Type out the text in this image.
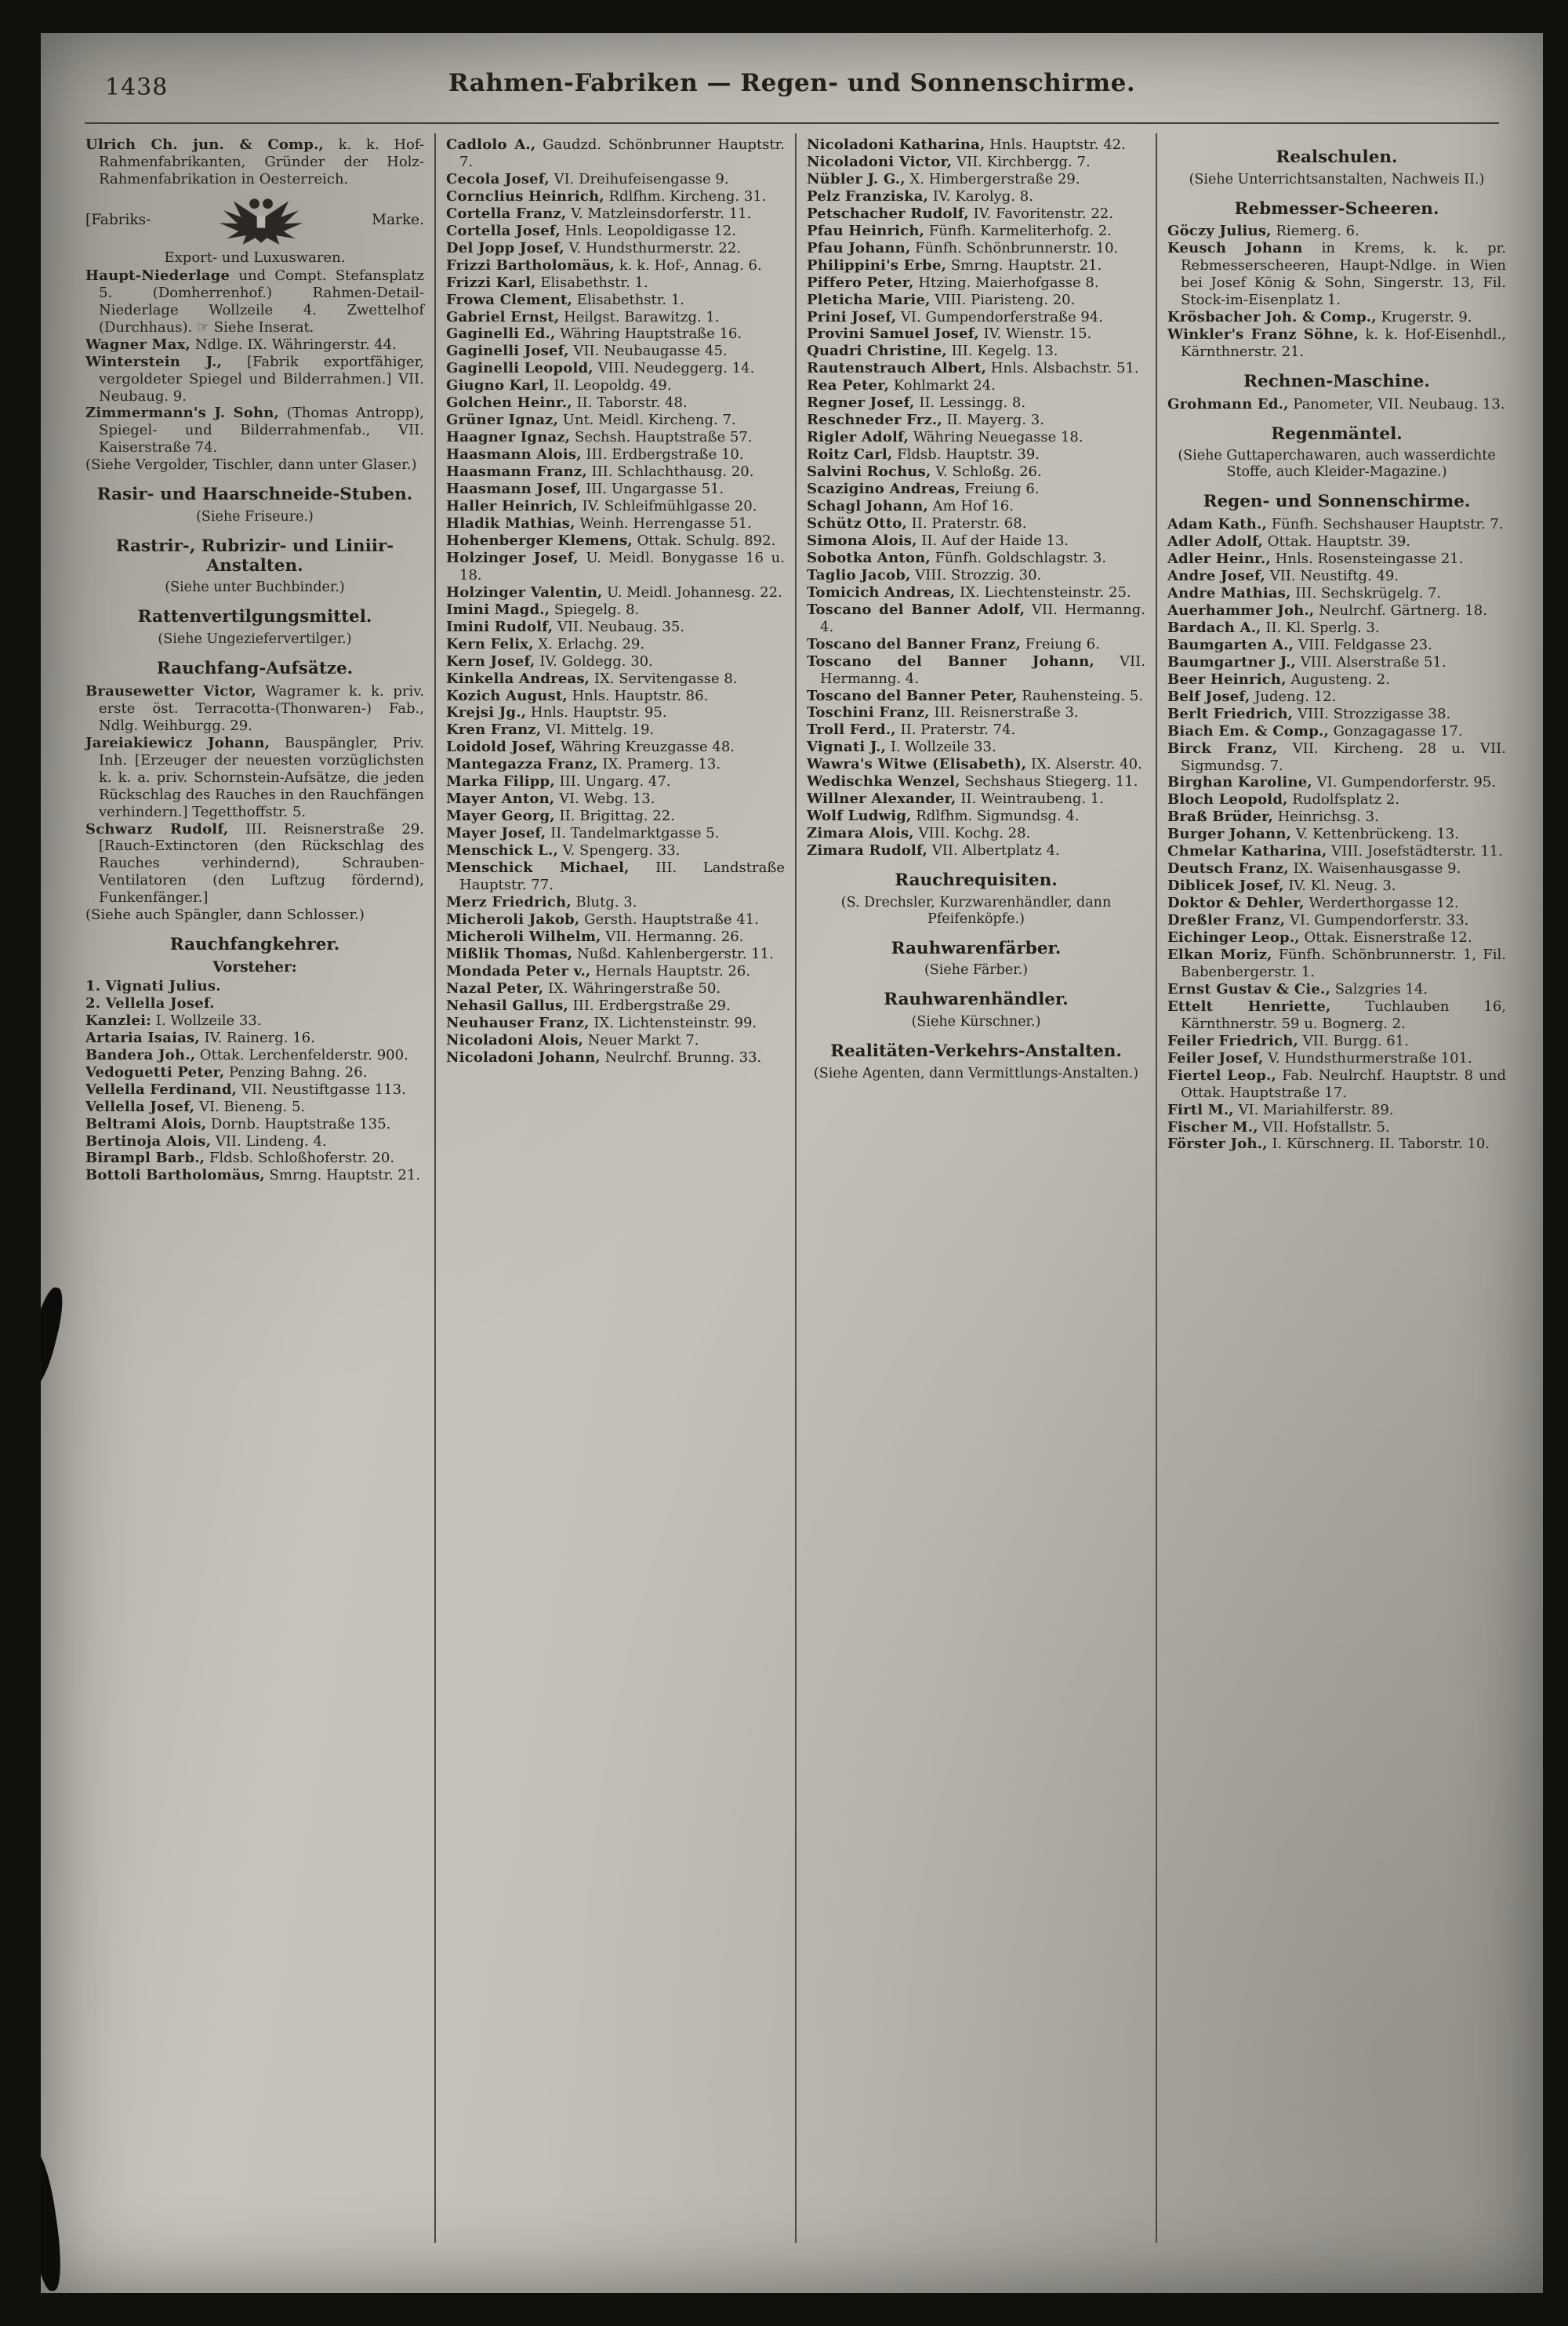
1438	Rahmen-Fabriken — Regen- und Sonnenschirme.

Ulrich Ch. jun. & Comp., k. k. Hof-Rahmenfabrikanten, Gründer der Holz-Rahmenfabrikation in Oesterreich.

[Fabriks-	Marke.
Export- und Luxuswaren.

Haupt-Niederlage und Compt. Stefansplatz 5. (Domherrenhof.) Rahmen-Detail-Niederlage Wollzeile 4. Zwettelhof (Durchhaus). ☞ Siehe Inserat.

Wagner Max, Ndlge. IX. Währingerstr. 44.

Winterstein J., [Fabrik exportfähiger, vergoldeter Spiegel und Bilderrahmen.] VII. Neubaug. 9.

Zimmermann's J. Sohn, (Thomas Antropp), Spiegel- und Bilderrahmenfab., VII. Kaiserstraße 74.

(Siehe Vergolder, Tischler, dann unter Glaser.)

Rasir- und Haarschneide-Stuben.
(Siehe Friseure.)
Rastrir-, Rubrizir- und Liniir-Anstalten.
(Siehe unter Buchbinder.)
Rattenvertilgungsmittel.
(Siehe Ungeziefervertilger.)
Rauchfang-Aufsätze.

Brausewetter Victor, Wagramer k. k. priv. erste öst. Terracotta-(Thonwaren-) Fab., Ndlg. Weihburgg. 29.

Jareiakiewicz Johann, Bauspängler, Priv. Inh. [Erzeuger der neuesten vorzüglichsten k. k. a. priv. Schornstein-Aufsätze, die jeden Rückschlag des Rauches in den Rauchfängen verhindern.] Tegetthoffstr. 5.

Schwarz Rudolf, III. Reisnerstraße 29. [Rauch-Extinctoren (den Rückschlag des Rauches verhindernd), Schrauben-Ventilatoren (den Luftzug fördernd), Funkenfänger.]

(Siehe auch Spängler, dann Schlosser.)

Rauchfangkehrer.
Vorsteher:

1. Vignati Julius.

2. Vellella Josef.

Kanzlei: I. Wollzeile 33.

Artaria Isaias, IV. Rainerg. 16.

Bandera Joh., Ottak. Lerchenfelderstr. 900.

Vedoguetti Peter, Penzing Bahng. 26.

Vellella Ferdinand, VII. Neustiftgasse 113.

Vellella Josef, VI. Bieneng. 5.

Beltrami Alois, Dornb. Hauptstraße 135.

Bertinoja Alois, VII. Lindeng. 4.

Birampl Barb., Fldsb. Schloßhoferstr. 20.

Bottoli Bartholomäus, Smrng. Hauptstr. 21.

Cadlolo A., Gaudzd. Schönbrunner Hauptstr. 7.

Cecola Josef, VI. Dreihufeisengasse 9.

Cornclius Heinrich, Rdlfhm. Kircheng. 31.

Cortella Franz, V. Matzleinsdorferstr. 11.

Cortella Josef, Hnls. Leopoldigasse 12.

Del Jopp Josef, V. Hundsthurmerstr. 22.

Frizzi Bartholomäus, k. k. Hof-, Annag. 6.

Frizzi Karl, Elisabethstr. 1.

Frowa Clement, Elisabethstr. 1.

Gabriel Ernst, Heilgst. Barawitzg. 1.

Gaginelli Ed., Währing Hauptstraße 16.

Gaginelli Josef, VII. Neubaugasse 45.

Gaginelli Leopold, VIII. Neudeggerg. 14.

Giugno Karl, II. Leopoldg. 49.

Golchen Heinr., II. Taborstr. 48.

Grüner Ignaz, Unt. Meidl. Kircheng. 7.

Haagner Ignaz, Sechsh. Hauptstraße 57.

Haasmann Alois, III. Erdbergstraße 10.

Haasmann Franz, III. Schlachthausg. 20.

Haasmann Josef, III. Ungargasse 51.

Haller Heinrich, IV. Schleifmühlgasse 20.

Hladik Mathias, Weinh. Herrengasse 51.

Hohenberger Klemens, Ottak. Schulg. 892.

Holzinger Josef, U. Meidl. Bonygasse 16 u. 18.

Holzinger Valentin, U. Meidl. Johannesg. 22.

Imini Magd., Spiegelg. 8.

Imini Rudolf, VII. Neubaug. 35.

Kern Felix, X. Erlachg. 29.

Kern Josef, IV. Goldegg. 30.

Kinkella Andreas, IX. Servitengasse 8.

Kozich August, Hnls. Hauptstr. 86.

Krejsi Jg., Hnls. Hauptstr. 95.

Kren Franz, VI. Mittelg. 19.

Loidold Josef, Währing Kreuzgasse 48.

Mantegazza Franz, IX. Pramerg. 13.

Marka Filipp, III. Ungarg. 47.

Mayer Anton, VI. Webg. 13.

Mayer Georg, II. Brigittag. 22.

Mayer Josef, II. Tandelmarktgasse 5.

Menschick L., V. Spengerg. 33.

Menschick Michael, III. Landstraße Hauptstr. 77.

Merz Friedrich, Blutg. 3.

Micheroli Jakob, Gersth. Hauptstraße 41.

Micheroli Wilhelm, VII. Hermanng. 26.

Mißlik Thomas, Nußd. Kahlenbergerstr. 11.

Mondada Peter v., Hernals Hauptstr. 26.

Nazal Peter, IX. Währingerstraße 50.

Nehasil Gallus, III. Erdbergstraße 29.

Neuhauser Franz, IX. Lichtensteinstr. 99.

Nicoladoni Alois, Neuer Markt 7.

Nicoladoni Johann, Neulrchf. Brunng. 33.

Nicoladoni Katharina, Hnls. Hauptstr. 42.

Nicoladoni Victor, VII. Kirchbergg. 7.

Nübler J. G., X. Himbergerstraße 29.

Pelz Franziska, IV. Karolyg. 8.

Petschacher Rudolf, IV. Favoritenstr. 22.

Pfau Heinrich, Fünfh. Karmeliterhofg. 2.

Pfau Johann, Fünfh. Schönbrunnerstr. 10.

Philippini's Erbe, Smrng. Hauptstr. 21.

Piffero Peter, Htzing. Maierhofgasse 8.

Pleticha Marie, VIII. Piaristeng. 20.

Prini Josef, VI. Gumpendorferstraße 94.

Provini Samuel Josef, IV. Wienstr. 15.

Quadri Christine, III. Kegelg. 13.

Rautenstrauch Albert, Hnls. Alsbachstr. 51.

Rea Peter, Kohlmarkt 24.

Regner Josef, II. Lessingg. 8.

Reschneder Frz., II. Mayerg. 3.

Rigler Adolf, Währing Neuegasse 18.

Roitz Carl, Fldsb. Hauptstr. 39.

Salvini Rochus, V. Schloßg. 26.

Scazigino Andreas, Freiung 6.

Schagl Johann, Am Hof 16.

Schütz Otto, II. Praterstr. 68.

Simona Alois, II. Auf der Haide 13.

Sobotka Anton, Fünfh. Goldschlagstr. 3.

Taglio Jacob, VIII. Strozzig. 30.

Tomicich Andreas, IX. Liechtensteinstr. 25.

Toscano del Banner Adolf, VII. Hermanng. 4.

Toscano del Banner Franz, Freiung 6.

Toscano del Banner Johann, VII. Hermanng. 4.

Toscano del Banner Peter, Rauhensteing. 5.

Toschini Franz, III. Reisnerstraße 3.

Troll Ferd., II. Praterstr. 74.

Vignati J., I. Wollzeile 33.

Wawra's Witwe (Elisabeth), IX. Alserstr. 40.

Wedischka Wenzel, Sechshaus Stiegerg. 11.

Willner Alexander, II. Weintraubeng. 1.

Wolf Ludwig, Rdlfhm. Sigmundsg. 4.

Zimara Alois, VIII. Kochg. 28.

Zimara Rudolf, VII. Albertplatz 4.

Rauchrequisiten.
(S. Drechsler, Kurzwarenhändler, dann Pfeifenköpfe.)
Rauhwarenfärber.
(Siehe Färber.)
Rauhwarenhändler.
(Siehe Kürschner.)
Realitäten-Verkehrs-Anstalten.
(Siehe Agenten, dann Vermittlungs-Anstalten.)
Realschulen.
(Siehe Unterrichtsanstalten, Nachweis II.)
Rebmesser-Scheeren.

Göczy Julius, Riemerg. 6.

Keusch Johann in Krems, k. k. pr. Rebmesserscheeren, Haupt-Ndlge. in Wien bei Josef König & Sohn, Singerstr. 13, Fil. Stock-im-Eisenplatz 1.

Krösbacher Joh. & Comp., Krugerstr. 9.

Winkler's Franz Söhne, k. k. Hof-Eisenhdl., Kärnthnerstr. 21.

Rechnen-Maschine.

Grohmann Ed., Panometer, VII. Neubaug. 13.

Regenmäntel.
(Siehe Guttaperchawaren, auch wasserdichte Stoffe, auch Kleider-Magazine.)
Regen- und Sonnenschirme.

Adam Kath., Fünfh. Sechshauser Hauptstr. 7.

Adler Adolf, Ottak. Hauptstr. 39.

Adler Heinr., Hnls. Rosensteingasse 21.

Andre Josef, VII. Neustiftg. 49.

Andre Mathias, III. Sechskrügelg. 7.

Auerhammer Joh., Neulrchf. Gärtnerg. 18.

Bardach A., II. Kl. Sperlg. 3.

Baumgarten A., VIII. Feldgasse 23.

Baumgartner J., VIII. Alserstraße 51.

Beer Heinrich, Augusteng. 2.

Belf Josef, Judeng. 12.

Berlt Friedrich, VIII. Strozzigasse 38.

Biach Em. & Comp., Gonzagagasse 17.

Birck Franz, VII. Kircheng. 28 u. VII. Sigmundsg. 7.

Birghan Karoline, VI. Gumpendorferstr. 95.

Bloch Leopold, Rudolfsplatz 2.

Braß Brüder, Heinrichsg. 3.

Burger Johann, V. Kettenbrückeng. 13.

Chmelar Katharina, VIII. Josefstädterstr. 11.

Deutsch Franz, IX. Waisenhausgasse 9.

Diblicek Josef, IV. Kl. Neug. 3.

Doktor & Dehler, Werderthorgasse 12.

Dreßler Franz, VI. Gumpendorferstr. 33.

Eichinger Leop., Ottak. Eisnerstraße 12.

Elkan Moriz, Fünfh. Schönbrunnerstr. 1, Fil. Babenbergerstr. 1.

Ernst Gustav & Cie., Salzgries 14.

Ettelt Henriette, Tuchlauben 16, Kärnthnerstr. 59 u. Bognerg. 2.

Feiler Friedrich, VII. Burgg. 61.

Feiler Josef, V. Hundsthurmerstraße 101.

Fiertel Leop., Fab. Neulrchf. Hauptstr. 8 und Ottak. Hauptstraße 17.

Firtl M., VI. Mariahilferstr. 89.

Fischer M., VII. Hofstallstr. 5.

Förster Joh., I. Kürschnerg. II. Taborstr. 10.
